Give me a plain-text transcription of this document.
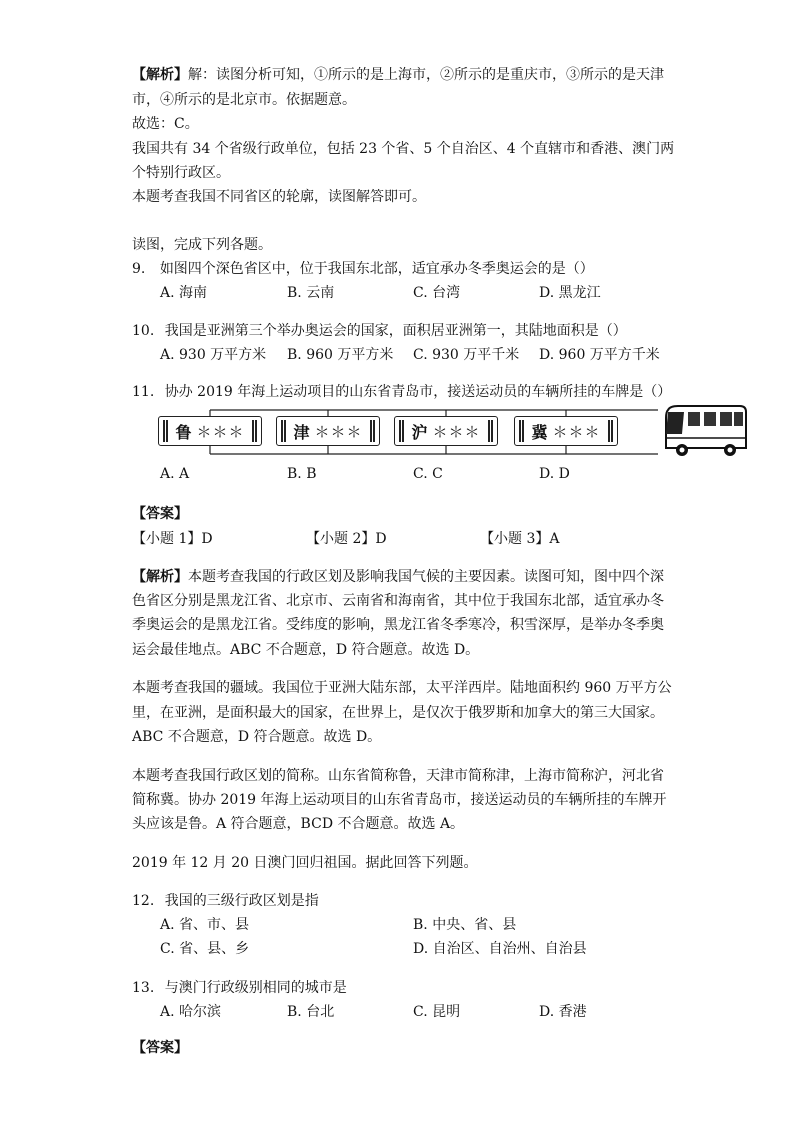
【解析】解：读图分析可知，①所示的是上海市，②所示的是重庆市，③所示的是天津
市，④所示的是北京市。依据题意。
故选：C。
我国共有 34 个省级行政单位，包括 23 个省、5 个自治区、4 个直辖市和香港、澳门两
个特别行政区。
本题考查我国不同省区的轮廓，读图解答即可。
读图，完成下列各题。
9. 如图四个深色省区中，位于我国东北部，适宜承办冬季奥运会的是（）
A. 海南	B. 云南	C. 台湾	D. 黑龙江
10. 我国是亚洲第三个举办奥运会的国家，面积居亚洲第一，其陆地面积是（）
A. 930 万平方米 B. 960 万平方米 C. 930 万平千米 D. 960 万平方千米
11. 协办 2019 年海上运动项目的山东省青岛市，接送运动员的车辆所挂的车牌是（）
鲁 ＊＊＊	津 ＊＊＊	沪 ＊＊＊	冀 ＊＊＊
A. A	B. B	C. C	D. D
【答案】
【小题 1】D	【小题 2】D	【小题 3】A
【解析】本题考查我国的行政区划及影响我国气候的主要因素。读图可知，图中四个深
色省区分别是黑龙江省、北京市、云南省和海南省，其中位于我国东北部，适宜承办冬
季奥运会的是黑龙江省。受纬度的影响，黑龙江省冬季寒冷，积雪深厚，是举办冬季奥
运会最佳地点。ABC 不合题意，D 符合题意。故选 D。
本题考查我国的疆域。我国位于亚洲大陆东部，太平洋西岸。陆地面积约 960 万平方公
里，在亚洲，是面积最大的国家，在世界上，是仅次于俄罗斯和加拿大的第三大国家。
ABC 不合题意，D 符合题意。故选 D。
本题考查我国行政区划的简称。山东省简称鲁，天津市简称津，上海市简称沪，河北省
简称冀。协办 2019 年海上运动项目的山东省青岛市，接送运动员的车辆所挂的车牌开
头应该是鲁。A 符合题意，BCD 不合题意。故选 A。
2019 年 12 月 20 日澳门回归祖国。据此回答下列题。
12. 我国的三级行政区划是指
A. 省、市、县	B. 中央、省、县
C. 省、县、乡	D. 自治区、自治州、自治县
13. 与澳门行政级别相同的城市是
A. 哈尔滨	B. 台北	C. 昆明	D. 香港
【答案】
